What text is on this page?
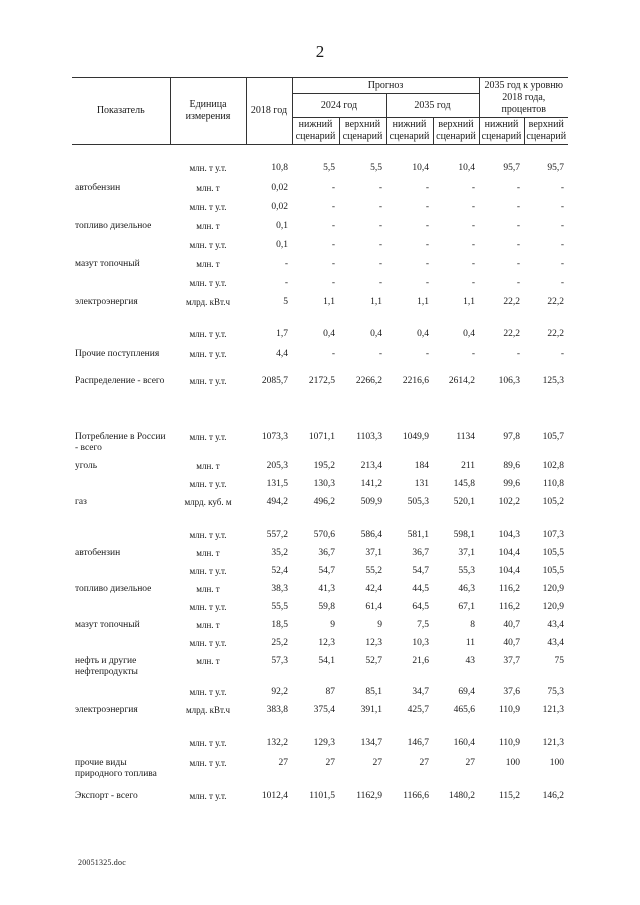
2
Показатель	Единица измерения	2018 год	Прогноз				2035 год к уровню 2018 года, процентов	
			2024 год		2035 год			
			нижний сценарий	верхний сценарий	нижний сценарий	верхний сценарий	нижний сценарий	верхний сценарий

	млн. т у.т.	10,8	5,5	5,5	10,4	10,4	95,7	95,7
автобензин	млн. т	0,02	-	-	-	-	-	-
	млн. т у.т.	0,02	-	-	-	-	-	-
топливо дизельное	млн. т	0,1	-	-	-	-	-	-
	млн. т у.т.	0,1	-	-	-	-	-	-
мазут топочный	млн. т	-	-	-	-	-	-	-
	млн. т у.т.	-	-	-	-	-	-	-
электроэнергия	млрд. кВт.ч	5	1,1	1,1	1,1	1,1	22,2	22,2
	млн. т у.т.	1,7	0,4	0,4	0,4	0,4	22,2	22,2
Прочие поступления	млн. т у.т.	4,4	-	-	-	-	-	-
Распределение - всего	млн. т у.т.	2085,7	2172,5	2266,2	2216,6	2614,2	106,3	125,3
Потребление в России - всего	млн. т у.т.	1073,3	1071,1	1103,3	1049,9	1134	97,8	105,7
уголь	млн. т	205,3	195,2	213,4	184	211	89,6	102,8
	млн. т у.т.	131,5	130,3	141,2	131	145,8	99,6	110,8
газ	млрд. куб. м	494,2	496,2	509,9	505,3	520,1	102,2	105,2
	млн. т у.т.	557,2	570,6	586,4	581,1	598,1	104,3	107,3
автобензин	млн. т	35,2	36,7	37,1	36,7	37,1	104,4	105,5
	млн. т у.т.	52,4	54,7	55,2	54,7	55,3	104,4	105,5
топливо дизельное	млн. т	38,3	41,3	42,4	44,5	46,3	116,2	120,9
	млн. т у.т.	55,5	59,8	61,4	64,5	67,1	116,2	120,9
мазут топочный	млн. т	18,5	9	9	7,5	8	40,7	43,4
	млн. т у.т.	25,2	12,3	12,3	10,3	11	40,7	43,4
нефть и другие нефтепродукты	млн. т	57,3	54,1	52,7	21,6	43	37,7	75
	млн. т у.т.	92,2	87	85,1	34,7	69,4	37,6	75,3
электроэнергия	млрд. кВт.ч	383,8	375,4	391,1	425,7	465,6	110,9	121,3
	млн. т у.т.	132,2	129,3	134,7	146,7	160,4	110,9	121,3
прочие виды природного топлива	млн. т у.т.	27	27	27	27	27	100	100
Экспорт - всего	млн. т у.т.	1012,4	1101,5	1162,9	1166,6	1480,2	115,2	146,2
20051325.doc
